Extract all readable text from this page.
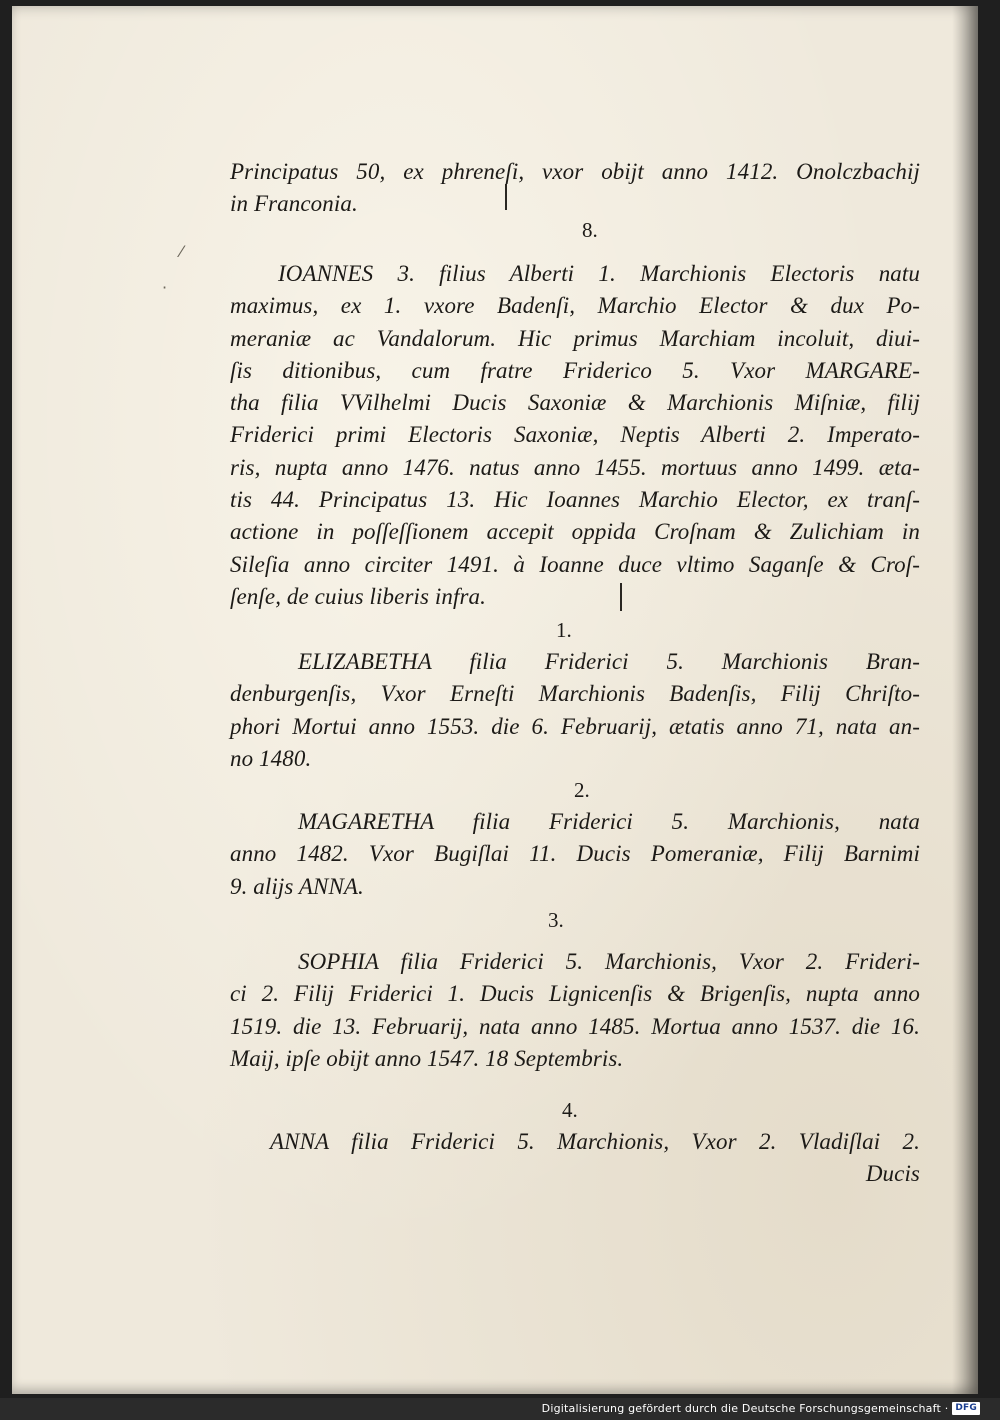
⁄
·
Principatus 50, ex phreneſi, vxor obijt anno 1412. Onolczbachij
in Franconia.
8.
IOANNES 3. filius Alberti 1. Marchionis Electoris natu
maximus, ex 1. vxore Badenſi, Marchio Elector & dux Po-
meraniæ ac Vandalorum. Hic primus Marchiam incoluit, diui-
ſis ditionibus, cum fratre Friderico 5. Vxor MARGARE-
tha filia VVilhelmi Ducis Saxoniæ & Marchionis Miſniæ, filij
Friderici primi Electoris Saxoniæ, Neptis Alberti 2. Imperato-
ris, nupta anno 1476. natus anno 1455. mortuus anno 1499. æta-
tis 44. Principatus 13. Hic Ioannes Marchio Elector, ex tranſ-
actione in poſſeſſionem accepit oppida Croſnam & Zulichiam in
Sileſia anno circiter 1491. à Ioanne duce vltimo Saganſe & Croſ-
ſenſe, de cuius liberis infra.
1.
ELIZABETHA filia Friderici 5. Marchionis Bran-
denburgenſis, Vxor Erneſti Marchionis Badenſis, Filij Chriſto-
phori Mortui anno 1553. die 6. Februarij, ætatis anno 71, nata an-
no 1480.
2.
MAGARETHA filia Friderici 5. Marchionis, nata
anno 1482. Vxor Bugiſlai 11. Ducis Pomeraniæ, Filij Barnimi
9. alijs ANNA.
3.
SOPHIA filia Friderici 5. Marchionis, Vxor 2. Frideri-
ci 2. Filij Friderici 1. Ducis Lignicenſis & Brigenſis, nupta anno
1519. die 13. Februarij, nata anno 1485. Mortua anno 1537. die 16.
Maij, ipſe obijt anno 1547. 18 Septembris.
4.
ANNA filia Friderici 5. Marchionis, Vxor 2. Vladiſlai 2.
Ducis
Digitalisierung gefördert durch die Deutsche Forschungsgemeinschaft · DFG
